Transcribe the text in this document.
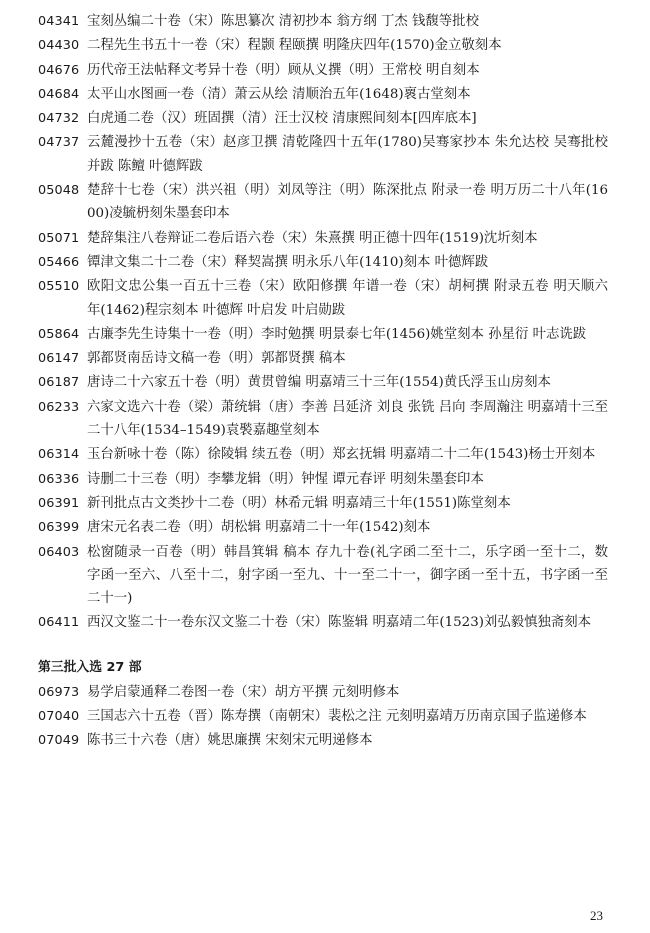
04341 宝刻丛编二十卷（宋）陈思纂次 清初抄本 翁方纲 丁杰 钱馥等批校
04430 二程先生书五十一卷（宋）程颢 程颐撰 明隆庆四年(1570)金立敬刻本
04676 历代帝王法帖释文考异十卷（明）顾从义撰（明）王常校 明自刻本
04684 太平山水图画一卷（清）萧云从绘 清顺治五年(1648)褱古堂刻本
04732 白虎通二卷（汉）班固撰（清）汪士汉校 清康熙间刻本[四库底本]
04737 云麓漫抄十五卷（宋）赵彦卫撰 清乾隆四十五年(1780)吴骞家抄本 朱允达校 吴骞批校并跋 陈鳣 叶德辉跋
05048 楚辞十七卷（宋）洪兴祖（明）刘凤等注（明）陈深批点 附录一卷 明万历二十八年(1600)凌毓枬刻朱墨套印本
05071 楚辞集注八卷辩证二卷后语六卷（宋）朱熹撰 明正德十四年(1519)沈圻刻本
05466 镡津文集二十二卷（宋）释契嵩撰 明永乐八年(1410)刻本 叶德辉跋
05510 欧阳文忠公集一百五十三卷（宋）欧阳修撰 年谱一卷（宋）胡柯撰 附录五卷 明天顺六年(1462)程宗刻本 叶德辉 叶启发 叶启勋跋
05864 古廉李先生诗集十一卷（明）李时勉撰 明景泰七年(1456)姚堂刻本 孙星衍 叶志诜跋
06147 郭都贤南岳诗文稿一卷（明）郭都贤撰 稿本
06187 唐诗二十六家五十卷（明）黄贯曾编 明嘉靖三十三年(1554)黄氏浮玉山房刻本
06233 六家文选六十卷（梁）萧统辑（唐）李善 吕延济 刘良 张铣 吕向 李周瀚注 明嘉靖十三至二十八年(1534–1549)袁褧嘉趣堂刻本
06314 玉台新咏十卷（陈）徐陵辑 续五卷（明）郑玄抚辑 明嘉靖二十二年(1543)杨士开刻本
06336 诗删二十三卷（明）李攀龙辑（明）钟惺 谭元春评 明刻朱墨套印本
06391 新刊批点古文类抄十二卷（明）林希元辑 明嘉靖三十年(1551)陈堂刻本
06399 唐宋元名表二卷（明）胡松辑 明嘉靖二十一年(1542)刻本
06403 松窗随录一百卷（明）韩昌箕辑 稿本 存九十卷(礼字函二至十二，乐字函一至十二，数字函一至六、八至十二，射字函一至九、十一至二十一，御字函一至十五，书字函一至二十一)
06411 西汉文鉴二十一卷东汉文鉴二十卷（宋）陈鉴辑 明嘉靖二年(1523)刘弘毅慎独斋刻本
第三批入选 27 部
06973 易学启蒙通释二卷图一卷（宋）胡方平撰 元刻明修本
07040 三国志六十五卷（晋）陈寿撰（南朝宋）裴松之注 元刻明嘉靖万历南京国子监递修本
07049 陈书三十六卷（唐）姚思廉撰 宋刻宋元明递修本
23
